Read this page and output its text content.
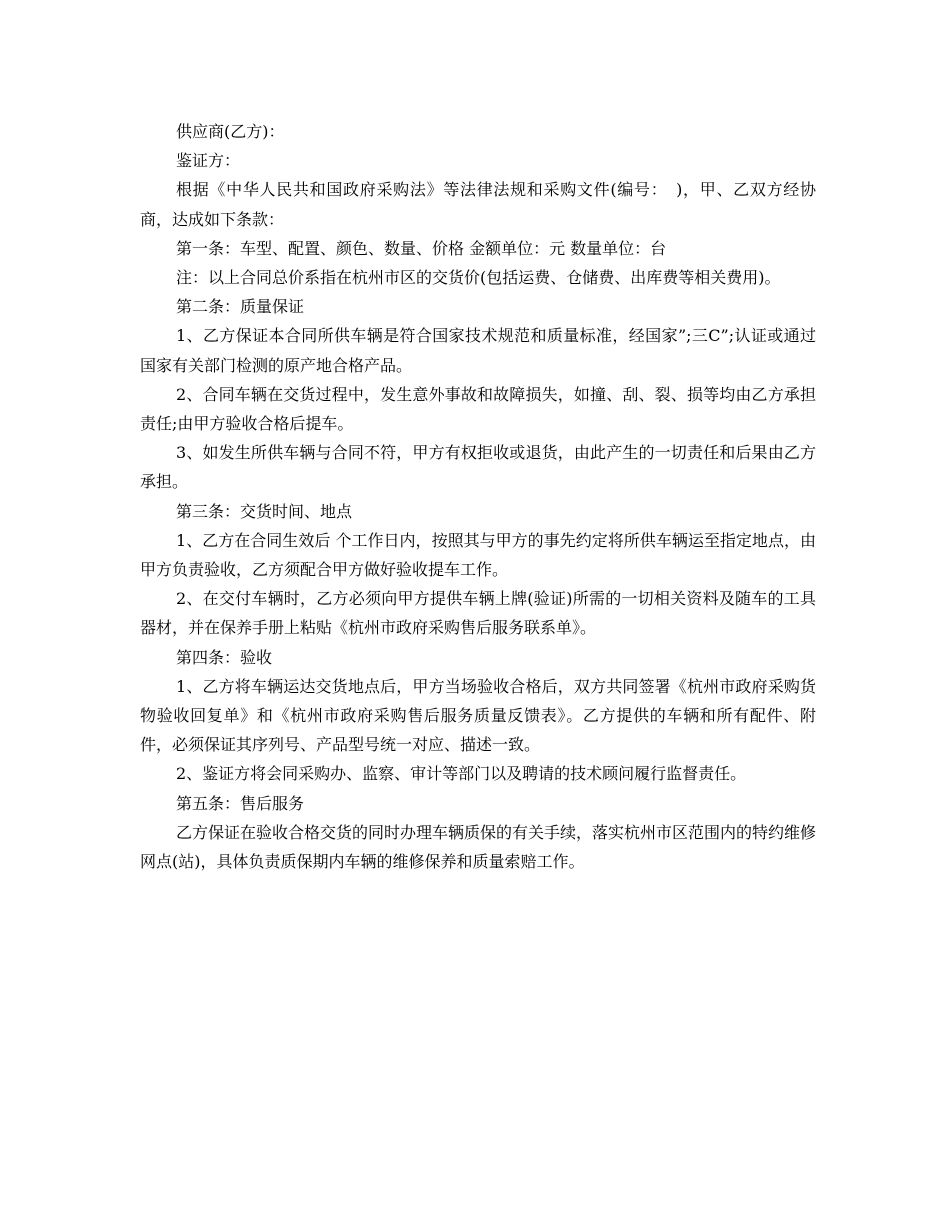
供应商(乙方)：

鉴证方：

根据《中华人民共和国政府采购法》等法律法规和采购文件(编号：　)，甲、乙双方经协商，达成如下条款：

第一条：车型、配置、颜色、数量、价格 金额单位：元 数量单位：台

注：以上合同总价系指在杭州市区的交货价(包括运费、仓储费、出库费等相关费用)。

第二条：质量保证

1、乙方保证本合同所供车辆是符合国家技术规范和质量标准，经国家”;三C”;认证或通过国家有关部门检测的原产地合格产品。

2、合同车辆在交货过程中，发生意外事故和故障损失，如撞、刮、裂、损等均由乙方承担责任;由甲方验收合格后提车。

3、如发生所供车辆与合同不符，甲方有权拒收或退货，由此产生的一切责任和后果由乙方承担。

第三条：交货时间、地点

1、乙方在合同生效后 个工作日内，按照其与甲方的事先约定将所供车辆运至指定地点，由甲方负责验收，乙方须配合甲方做好验收提车工作。

2、在交付车辆时，乙方必须向甲方提供车辆上牌(验证)所需的一切相关资料及随车的工具器材，并在保养手册上粘贴《杭州市政府采购售后服务联系单》。

第四条：验收

1、乙方将车辆运达交货地点后，甲方当场验收合格后，双方共同签署《杭州市政府采购货物验收回复单》和《杭州市政府采购售后服务质量反馈表》。乙方提供的车辆和所有配件、附件，必须保证其序列号、产品型号统一对应、描述一致。

2、鉴证方将会同采购办、监察、审计等部门以及聘请的技术顾问履行监督责任。

第五条：售后服务

乙方保证在验收合格交货的同时办理车辆质保的有关手续，落实杭州市区范围内的特约维修网点(站)，具体负责质保期内车辆的维修保养和质量索赔工作。
